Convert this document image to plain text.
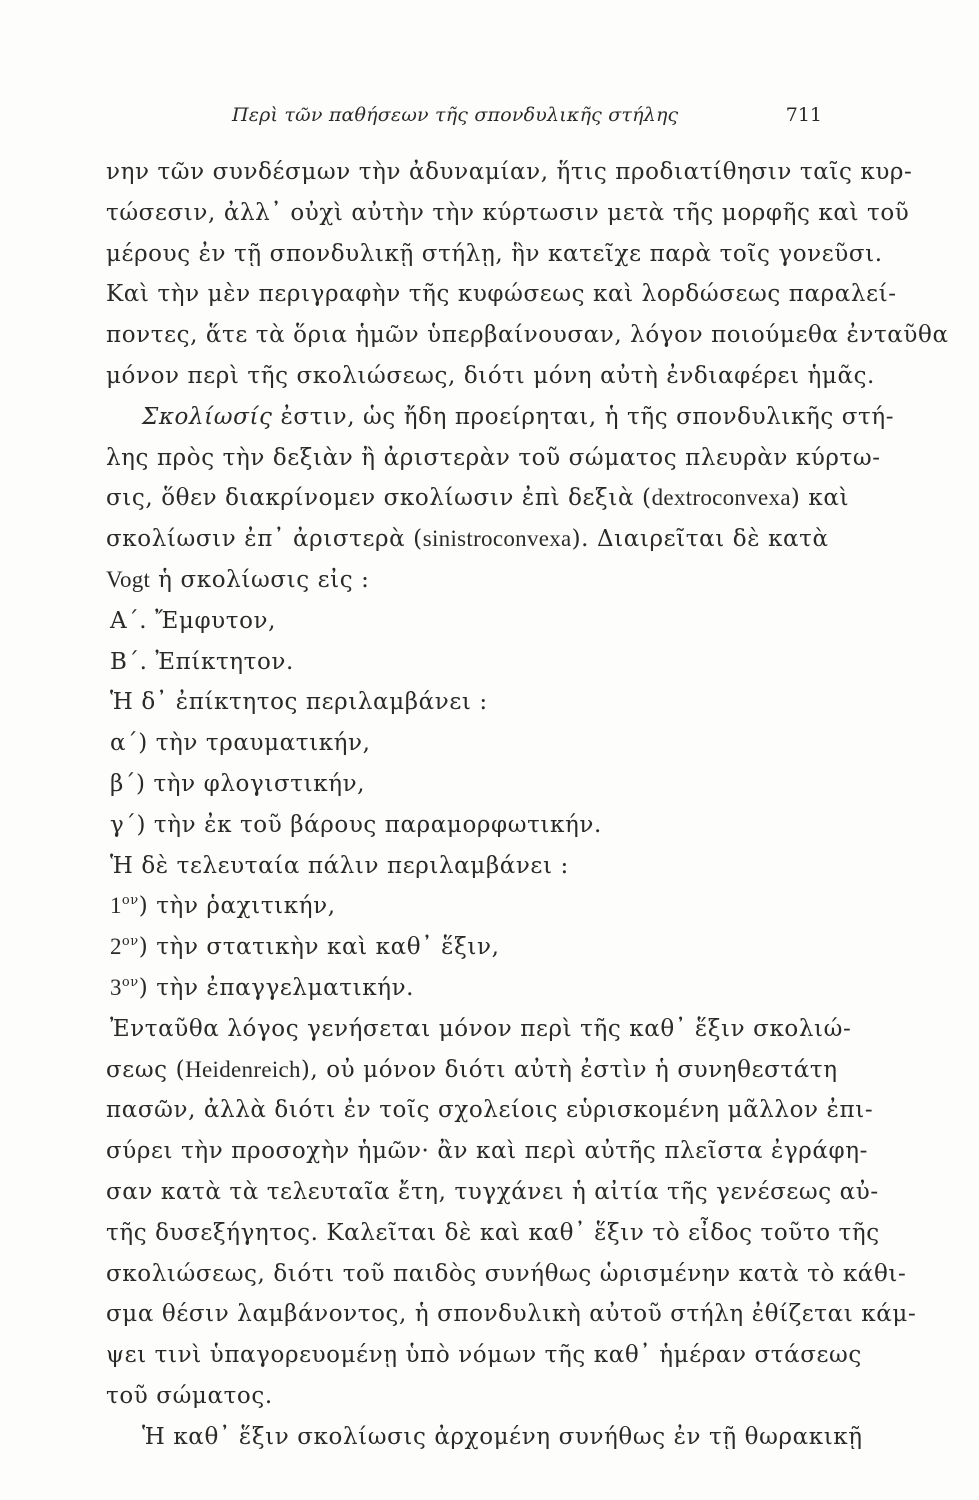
Περὶ τῶν παθήσεων τῆς σπονδυλικῆς στήλης	711
νην τῶν συνδέσμων τὴν ἀδυναμίαν, ἥτις προδιατίθησιν ταῖς κυρ-
τώσεσιν, ἀλλ᾽ οὐχὶ αὐτὴν τὴν κύρτωσιν μετὰ τῆς μορφῆς καὶ τοῦ
μέρους ἐν τῇ σπονδυλικῇ στήλῃ, ἣν κατεῖχε παρὰ τοῖς γονεῦσι.
Καὶ τὴν μὲν περιγραφὴν τῆς κυφώσεως καὶ λορδώσεως παραλεί-
ποντες, ἅτε τὰ ὅρια ἡμῶν ὑπερβαίνουσαν, λόγον ποιούμεθα ἐνταῦθα
μόνον περὶ τῆς σκολιώσεως, διότι μόνη αὐτὴ ἐνδιαφέρει ἡμᾶς.
Σκολίωσίς ἐστιν, ὡς ἤδη προείρηται, ἡ τῆς σπονδυλικῆς στή-
λης πρὸς τὴν δεξιὰν ἢ ἀριστερὰν τοῦ σώματος πλευρὰν κύρτω-
σις, ὅθεν διακρίνομεν σκολίωσιν ἐπὶ δεξιὰ (dextroconvexa) καὶ
σκολίωσιν ἐπ᾽ ἀριστερὰ (sinistroconvexa). Διαιρεῖται δὲ κατὰ
Vogt ἡ σκολίωσις εἰς :
Α΄. Ἔμφυτον,
Β΄. Ἐπίκτητον.
Ἡ δ᾽ ἐπίκτητος περιλαμβάνει :
α΄) τὴν τραυματικήν,
β΄) τὴν φλογιστικήν,
γ΄) τὴν ἐκ τοῦ βάρους παραμορφωτικήν.
Ἡ δὲ τελευταία πάλιν περιλαμβάνει :
$1^{o\nu}$) τὴν ῥαχιτικήν,
$2^{o\nu}$) τὴν στατικὴν καὶ καθ᾽ ἕξιν,
$3^{o\nu}$) τὴν ἐπαγγελματικήν.
Ἐνταῦθα λόγος γενήσεται μόνον περὶ τῆς καθ᾽ ἕξιν σκολιώ-
σεως (Heidenreich), οὐ μόνον διότι αὐτὴ ἐστὶν ἡ συνηθεστάτη
πασῶν, ἀλλὰ διότι ἐν τοῖς σχολείοις εὑρισκομένη μᾶλλον ἐπι-
σύρει τὴν προσοχὴν ἡμῶν· ἂν καὶ περὶ αὐτῆς πλεῖστα ἐγράφη-
σαν κατὰ τὰ τελευταῖα ἔτη, τυγχάνει ἡ αἰτία τῆς γενέσεως αὐ-
τῆς δυσεξήγητος. Καλεῖται δὲ καὶ καθ᾽ ἕξιν τὸ εἶδος τοῦτο τῆς
σκολιώσεως, διότι τοῦ παιδὸς συνήθως ὡρισμένην κατὰ τὸ κάθι-
σμα θέσιν λαμβάνοντος, ἡ σπονδυλικὴ αὐτοῦ στήλη ἐθίζεται κάμ-
ψει τινὶ ὑπαγορευομένῃ ὑπὸ νόμων τῆς καθ᾽ ἡμέραν στάσεως
τοῦ σώματος.
Ἡ καθ᾽ ἕξιν σκολίωσις ἀρχομένη συνήθως ἐν τῇ θωρακικῇ
